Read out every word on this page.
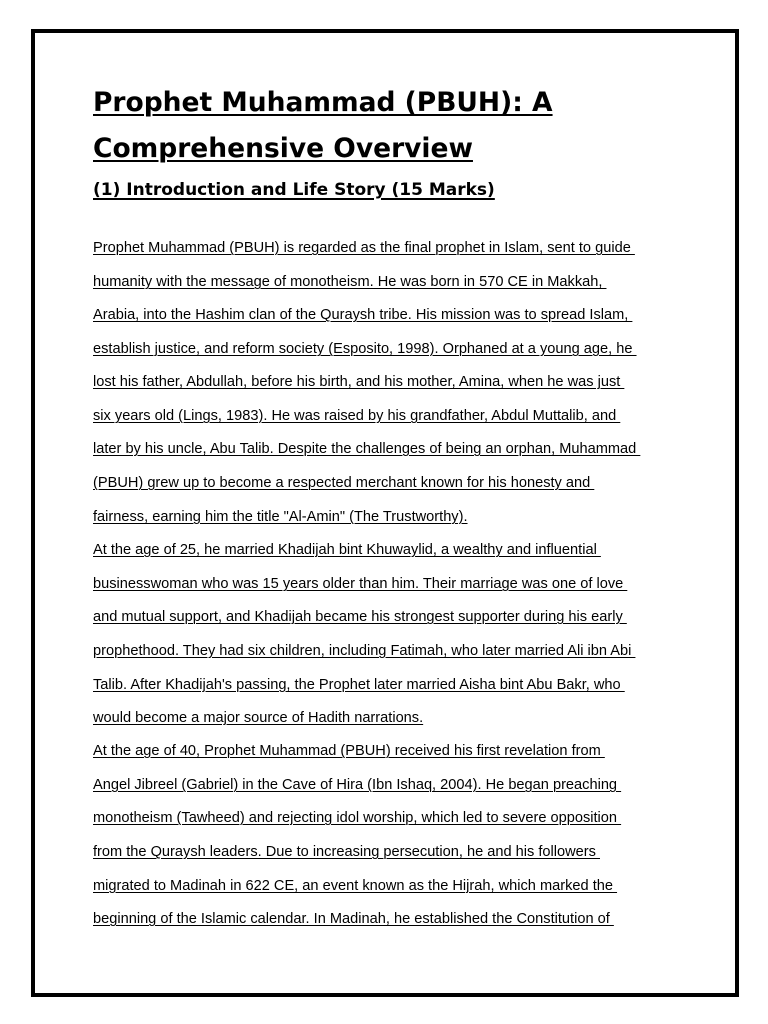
Prophet Muhammad (PBUH): A
Comprehensive Overview
(1) Introduction and Life Story (15 Marks)

Prophet Muhammad (PBUH) is regarded as the final prophet in Islam, sent to guide

humanity with the message of monotheism. He was born in 570 CE in Makkah,

Arabia, into the Hashim clan of the Quraysh tribe. His mission was to spread Islam,

establish justice, and reform society (Esposito, 1998). Orphaned at a young age, he

lost his father, Abdullah, before his birth, and his mother, Amina, when he was just

six years old (Lings, 1983). He was raised by his grandfather, Abdul Muttalib, and

later by his uncle, Abu Talib. Despite the challenges of being an orphan, Muhammad

(PBUH) grew up to become a respected merchant known for his honesty and

fairness, earning him the title "Al-Amin" (The Trustworthy).

At the age of 25, he married Khadijah bint Khuwaylid, a wealthy and influential

businesswoman who was 15 years older than him. Their marriage was one of love

and mutual support, and Khadijah became his strongest supporter during his early

prophethood. They had six children, including Fatimah, who later married Ali ibn Abi

Talib. After Khadijah's passing, the Prophet later married Aisha bint Abu Bakr, who

would become a major source of Hadith narrations.

At the age of 40, Prophet Muhammad (PBUH) received his first revelation from

Angel Jibreel (Gabriel) in the Cave of Hira (Ibn Ishaq, 2004). He began preaching

monotheism (Tawheed) and rejecting idol worship, which led to severe opposition

from the Quraysh leaders. Due to increasing persecution, he and his followers

migrated to Madinah in 622 CE, an event known as the Hijrah, which marked the

beginning of the Islamic calendar. In Madinah, he established the Constitution of
